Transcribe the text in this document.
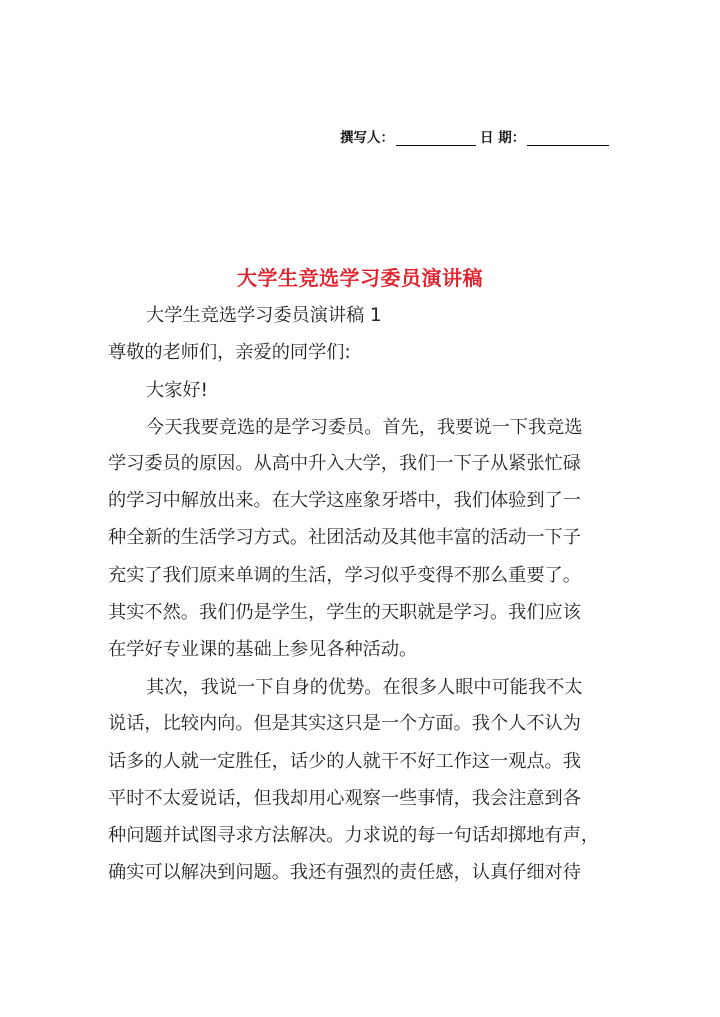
撰写人：	日 期：
大学生竞选学习委员演讲稿
大学生竞选学习委员演讲稿 1
尊敬的老师们，亲爱的同学们:
大家好!
今天我要竞选的是学习委员。首先，我要说一下我竞选
学习委员的原因。从高中升入大学，我们一下子从紧张忙碌
的学习中解放出来。在大学这座象牙塔中，我们体验到了一
种全新的生活学习方式。社团活动及其他丰富的活动一下子
充实了我们原来单调的生活，学习似乎变得不那么重要了。
其实不然。我们仍是学生，学生的天职就是学习。我们应该
在学好专业课的基础上参见各种活动。
其次，我说一下自身的优势。在很多人眼中可能我不太
说话，比较内向。但是其实这只是一个方面。我个人不认为
话多的人就一定胜任，话少的人就干不好工作这一观点。我
平时不太爱说话，但我却用心观察一些事情，我会注意到各
种问题并试图寻求方法解决。力求说的每一句话却掷地有声，
确实可以解决到问题。我还有强烈的责任感，认真仔细对待
